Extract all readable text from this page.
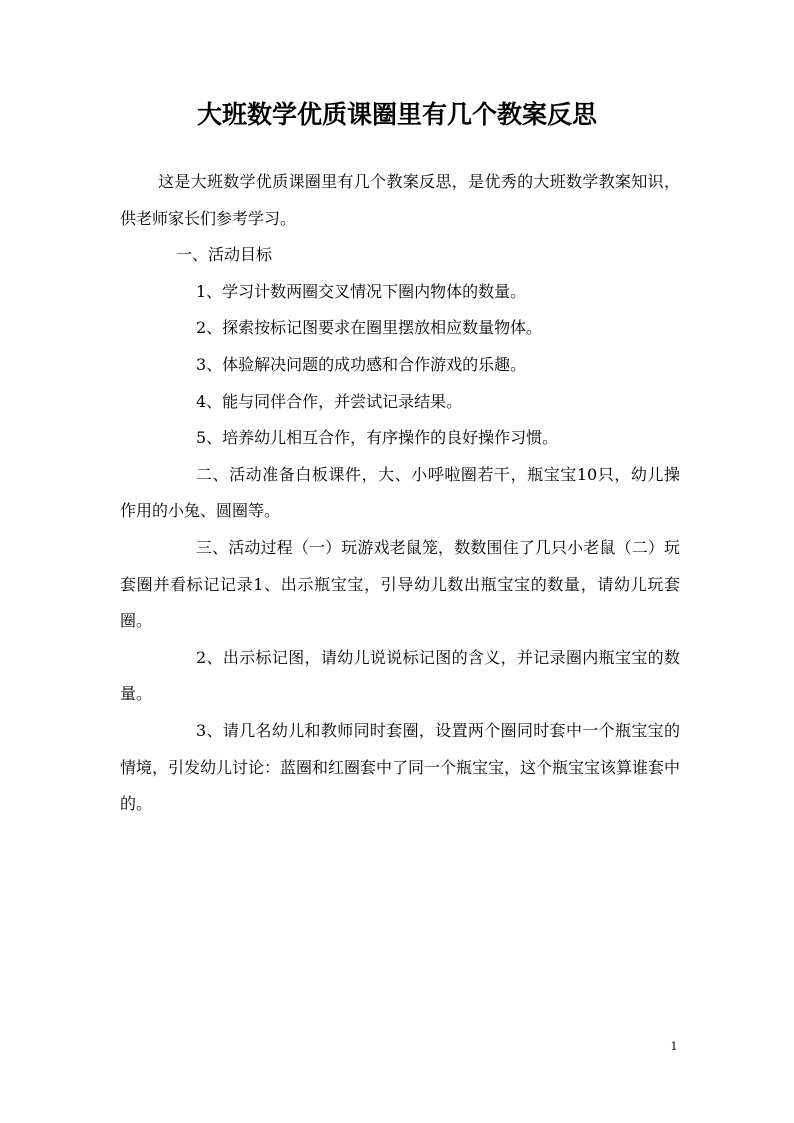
大班数学优质课圈里有几个教案反思

这是大班数学优质课圈里有几个教案反思，是优秀的大班数学教案知识，供老师家长们参考学习。

一、活动目标

1、学习计数两圈交叉情况下圈内物体的数量。

2、探索按标记图要求在圈里摆放相应数量物体。

3、体验解决问题的成功感和合作游戏的乐趣。

4、能与同伴合作，并尝试记录结果。

5、培养幼儿相互合作，有序操作的良好操作习惯。

二、活动准备白板课件，大、小呼啦圈若干，瓶宝宝10只，幼儿操作用的小兔、圆圈等。

三、活动过程（一）玩游戏老鼠笼，数数围住了几只小老鼠（二）玩套圈并看标记记录1、出示瓶宝宝，引导幼儿数出瓶宝宝的数量，请幼儿玩套圈。

2、出示标记图，请幼儿说说标记图的含义，并记录圈内瓶宝宝的数量。

3、请几名幼儿和教师同时套圈，设置两个圈同时套中一个瓶宝宝的情境，引发幼儿讨论：蓝圈和红圈套中了同一个瓶宝宝，这个瓶宝宝该算谁套中的。

1
